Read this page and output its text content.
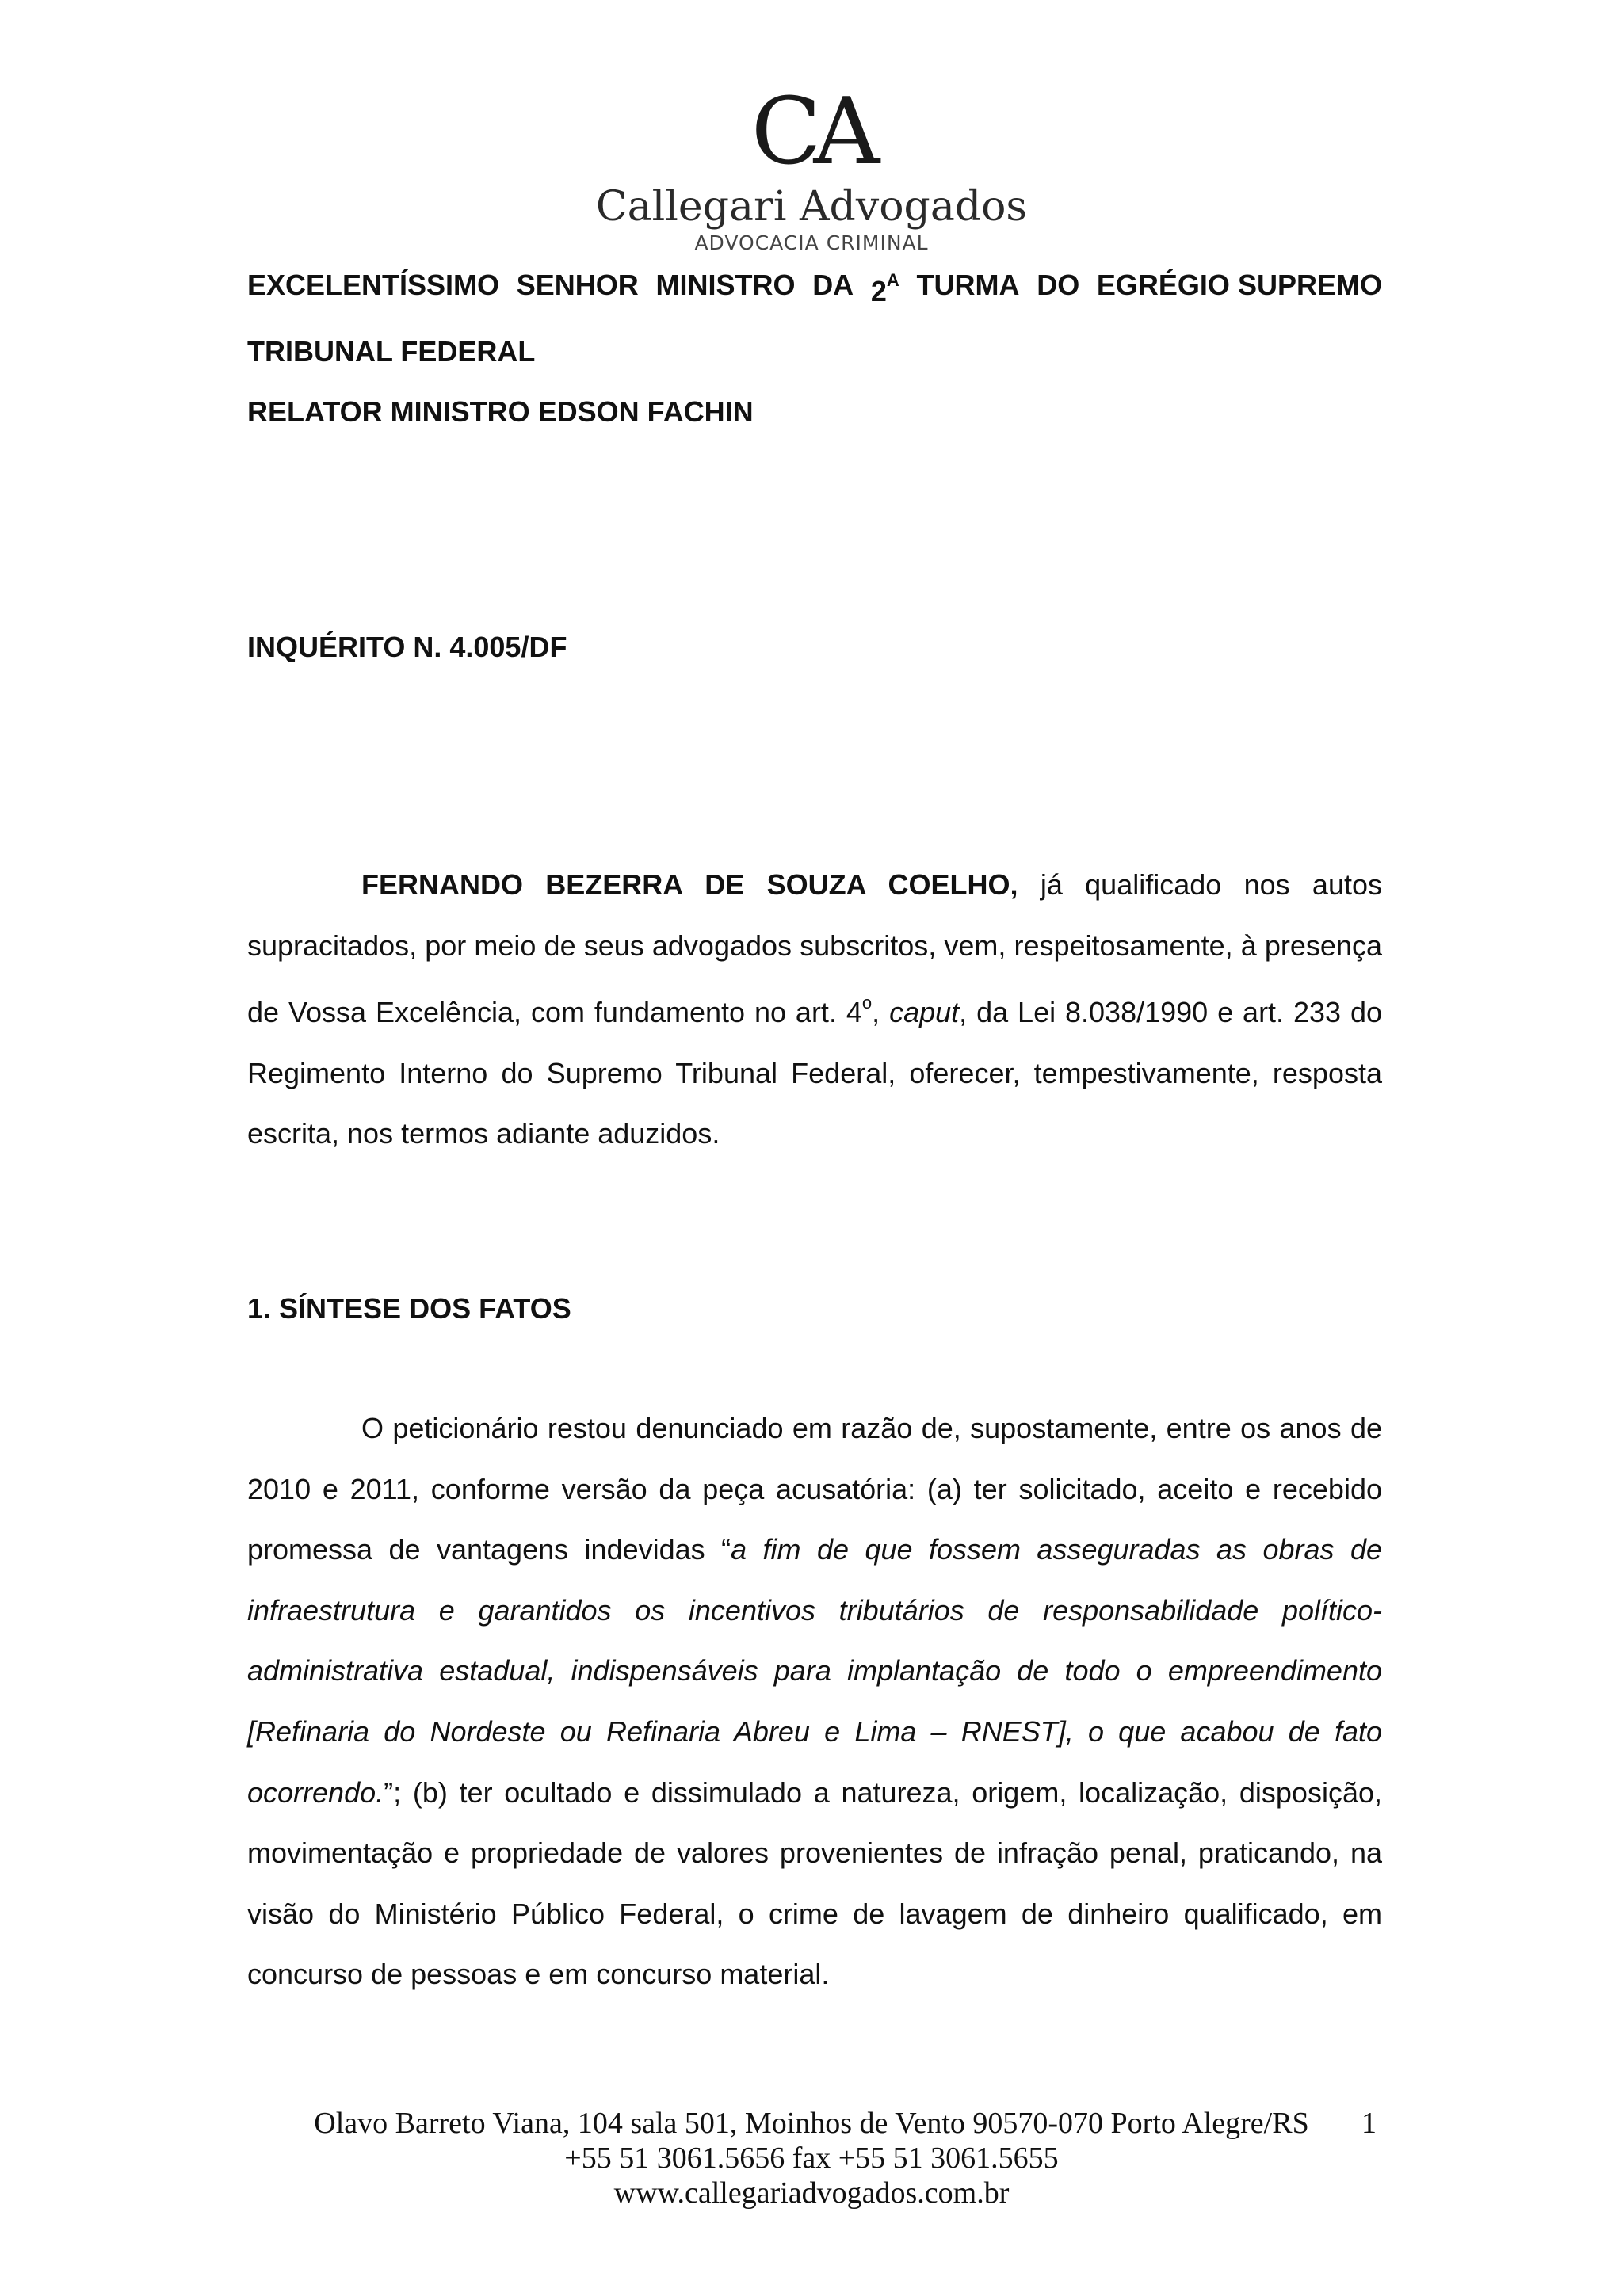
CA
Callegari Advogados
ADVOCACIA CRIMINAL
EXCELENTÍSSIMO SENHOR MINISTRO DA $2^A$ TURMA DO EGRÉGIO SUPREMO
TRIBUNAL FEDERAL
RELATOR MINISTRO EDSON FACHIN
INQUÉRITO N. 4.005/DF
FERNANDO BEZERRA DE SOUZA COELHO, já qualificado nos autos supracitados, por meio de seus advogados subscritos, vem, respeitosamente, à presença de Vossa Excelência, com fundamento no art. 4$^o$, caput, da Lei 8.038/1990 e art. 233 do Regimento Interno do Supremo Tribunal Federal, oferecer, tempestivamente, resposta escrita, nos termos adiante aduzidos.
1. SÍNTESE DOS FATOS
O peticionário restou denunciado em razão de, supostamente, entre os anos de 2010 e 2011, conforme versão da peça acusatória: (a) ter solicitado, aceito e recebido promessa de vantagens indevidas “a fim de que fossem asseguradas as obras de infraestrutura e garantidos os incentivos tributários de responsabilidade político-administrativa estadual, indispensáveis para implantação de todo o empreendimento [Refinaria do Nordeste ou Refinaria Abreu e Lima – RNEST], o que acabou de fato ocorrendo.”; (b) ter ocultado e dissimulado a natureza, origem, localização, disposição, movimentação e propriedade de valores provenientes de infração penal, praticando, na visão do Ministério Público Federal, o crime de lavagem de dinheiro qualificado, em concurso de pessoas e em concurso material.
Olavo Barreto Viana, 104 sala 501, Moinhos de Vento 90570-070 Porto Alegre/RS
+55 51 3061.5656 fax +55 51 3061.5655
www.callegariadvogados.com.br
1
